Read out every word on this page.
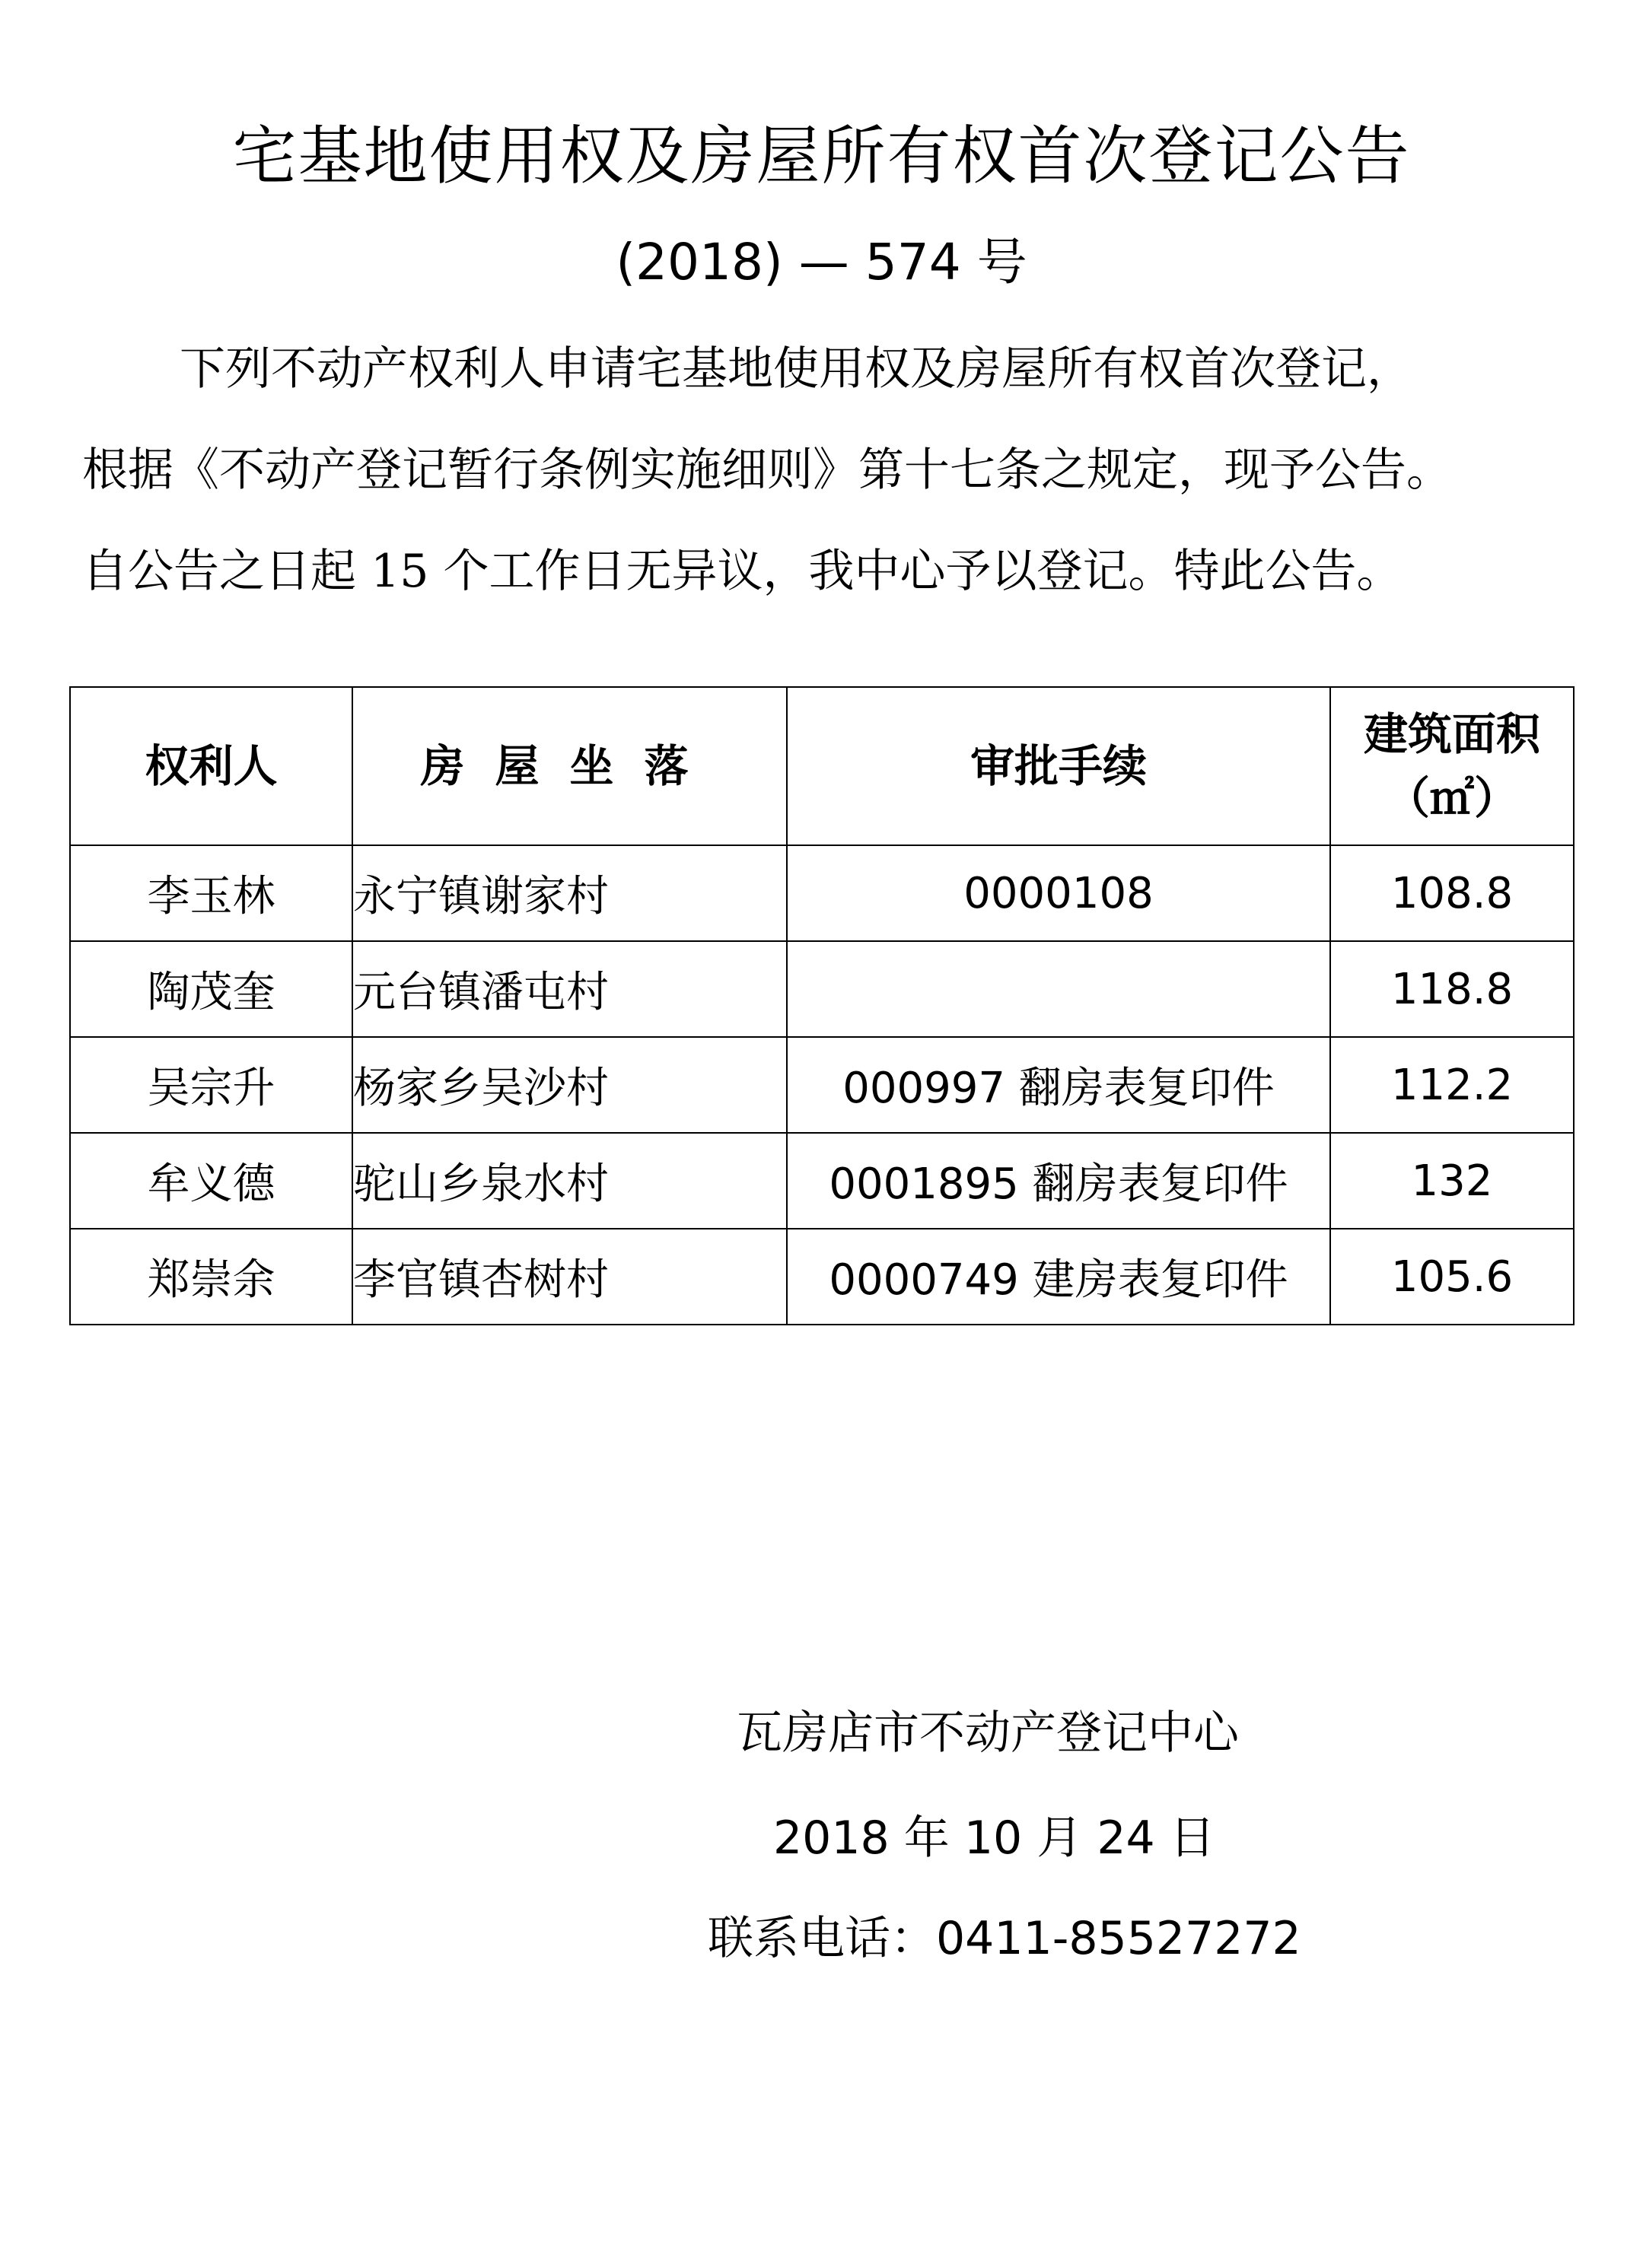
宅基地使用权及房屋所有权首次登记公告
(2018) — 574 号
下列不动产权利人申请宅基地使用权及房屋所有权首次登记，
根据《不动产登记暂行条例实施细则》第十七条之规定，现予公告。
自公告之日起 15 个工作日无异议，我中心予以登记。特此公告。
权利人	房屋坐落	审批手续	建筑面积
（㎡）

李玉林	永宁镇谢家村	0000108	108.8
陶茂奎	元台镇潘屯村		118.8
吴宗升	杨家乡吴沙村	000997 翻房表复印件	112.2
牟义德	驼山乡泉水村	0001895 翻房表复印件	132
郑崇余	李官镇杏树村	0000749 建房表复印件	105.6
瓦房店市不动产登记中心
2018 年 10 月 24 日
联系电话：0411-85527272
